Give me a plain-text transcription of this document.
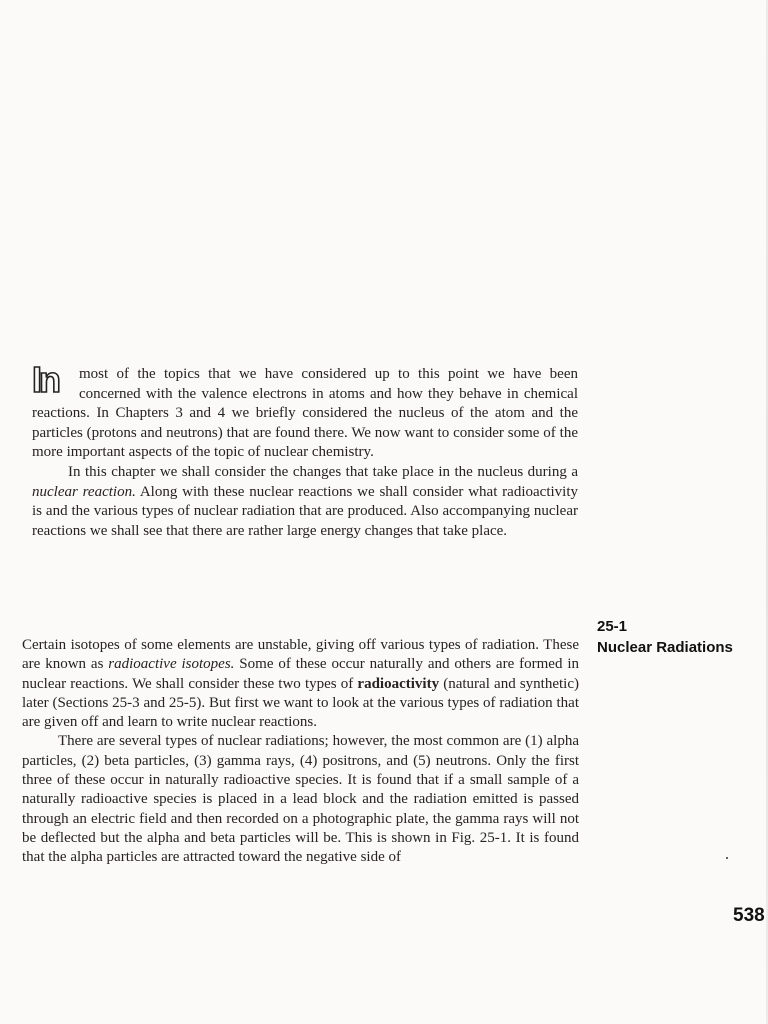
In	most of the topics that we have considered up to this point we have been concerned with the valence electrons in atoms and how they behave in chemical reactions. In Chapters 3 and 4 we briefly considered the nucleus of the atom and the particles (protons and neutrons) that are found there. We now want to consider some of the more important aspects of the topic of nuclear chemistry.

In this chapter we shall consider the changes that take place in the nucleus during a nuclear reaction. Along with these nuclear reactions we shall consider what radioactivity is and the various types of nuclear radiation that are produced. Also accompanying nuclear reactions we shall see that there are rather large energy changes that take place.

25-1
Nuclear Radiations

Certain isotopes of some elements are unstable, giving off various types of radiation. These are known as radioactive isotopes. Some of these occur naturally and others are formed in nuclear reactions. We shall consider these two types of radioactivity (natural and synthetic) later (Sections 25-3 and 25-5). But first we want to look at the various types of radiation that are given off and learn to write nuclear reactions.

There are several types of nuclear radiations; however, the most common are (1) alpha particles, (2) beta particles, (3) gamma rays, (4) positrons, and (5) neutrons. Only the first three of these occur in naturally radioactive species. It is found that if a small sample of a naturally radioactive species is placed in a lead block and the radiation emitted is passed through an electric field and then recorded on a photographic plate, the gamma rays will not be deflected but the alpha and beta particles will be. This is shown in Fig. 25-1. It is found that the alpha particles are attracted toward the negative side of

538
